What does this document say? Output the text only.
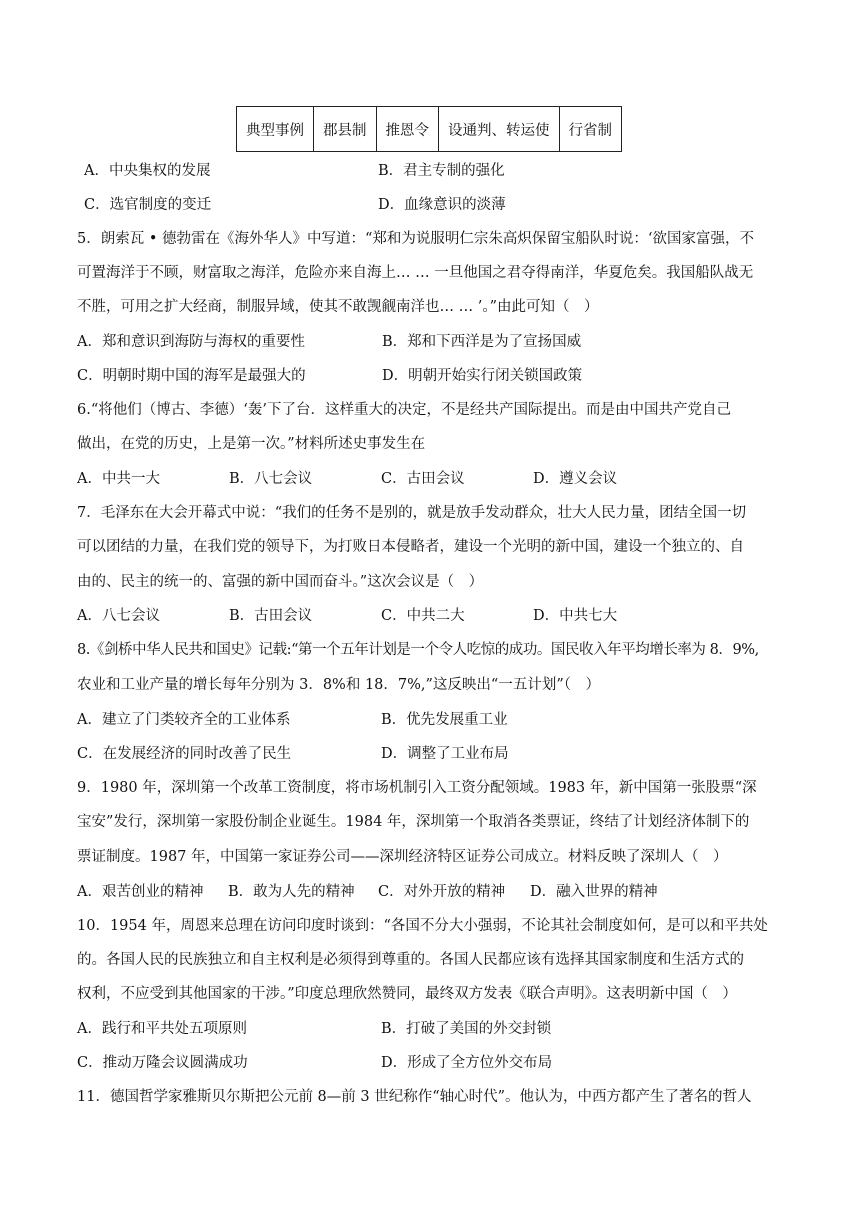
典型事例	郡县制	推恩令	设通判、转运使	行省制
A．中央集权的发展	B．君主专制的强化
C．选官制度的变迁	D．血缘意识的淡薄
5．朗索瓦 • 德勃雷在《海外华人》中写道：“郑和为说服明仁宗朱高炽保留宝船队时说：‘欲国家富强，不
可置海洋于不顾，财富取之海洋，危险亦来自海上… … 一旦他国之君夺得南洋，华夏危矣。我国船队战无
不胜，可用之扩大经商，制服异域，使其不敢觊觎南洋也… … ’。”由此可知（　）
A．郑和意识到海防与海权的重要性	B．郑和下西洋是为了宣扬国威
C．明朝时期中国的海军是最强大的	D．明朝开始实行闭关锁国政策
6.“将他们（博古、李德）‘轰’下了台．这样重大的决定，不是经共产国际提出。而是由中国共产党自己
做出，在党的历史，上是第一次。”材料所述史事发生在
A．中共一大	B．八七会议	C．古田会议	D．遵义会议
7．毛泽东在大会开幕式中说：“我们的任务不是别的，就是放手发动群众，壮大人民力量，团结全国一切
可以团结的力量，在我们党的领导下，为打败日本侵略者，建设一个光明的新中国，建设一个独立的、自
由的、民主的统一的、富强的新中国而奋斗。”这次会议是（　）
A．八七会议	B．古田会议	C．中共二大	D．中共七大
8.《剑桥中华人民共和国史》记载:“第一个五年计划是一个令人吃惊的成功。国民收入年平均增长率为 8．9%,
农业和工业产量的增长每年分别为 3．8%和 18．7%,”这反映出“一五计划”（　）
A．建立了门类较齐全的工业体系	B．优先发展重工业
C．在发展经济的同时改善了民生	D．调整了工业布局
9．1980 年，深圳第一个改革工资制度，将市场机制引入工资分配领域。1983 年，新中国第一张股票“深
宝安”发行，深圳第一家股份制企业诞生。1984 年，深圳第一个取消各类票证，终结了计划经济体制下的
票证制度。1987 年，中国第一家证券公司——深圳经济特区证券公司成立。材料反映了深圳人（　）
A．艰苦创业的精神 B．敢为人先的精神 C．对外开放的精神 D．融入世界的精神
10．1954 年，周恩来总理在访问印度时谈到：“各国不分大小强弱，不论其社会制度如何，是可以和平共处
的。各国人民的民族独立和自主权利是必须得到尊重的。各国人民都应该有选择其国家制度和生活方式的
权利，不应受到其他国家的干涉。”印度总理欣然赞同，最终双方发表《联合声明》。这表明新中国（　）
A．践行和平共处五项原则	B．打破了美国的外交封锁
C．推动万隆会议圆满成功	D．形成了全方位外交布局
11．德国哲学家雅斯贝尔斯把公元前 8—前 3 世纪称作“轴心时代”。他认为，中西方都产生了著名的哲人
